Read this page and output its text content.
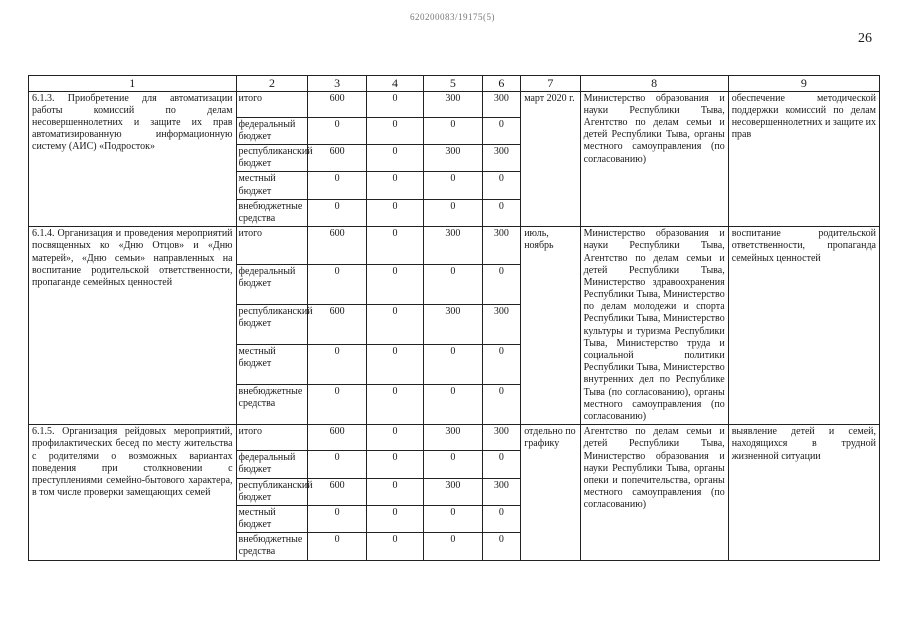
620200083/19175(5)
26
1	2	3	4	5	6	7	8	9
6.1.3. Приобретение для автоматизации работы комиссий по делам несовершеннолетних и защите их прав автоматизированную информационную систему (АИС) «Подросток»	итого	600	0	300	300	март 2020 г.	Министерство образования и науки Республики Тыва, Агентство по делам семьи и детей Республики Тыва, органы местного самоуправления (по согласованию)	обеспечение методической поддержки комиссий по делам несовершеннолетних и защите их прав
	федеральный бюджет	0	0	0	0			
	республиканский бюджет	600	0	300	300			
	местный бюджет	0	0	0	0			
	внебюджетные средства	0	0	0	0			
6.1.4. Организация и проведения мероприятий посвященных ко «Дню Отцов» и «Дню матерей», «Дню семьи» направленных на воспитание родительской ответственности, пропаганде семейных ценностей	итого	600	0	300	300	июль, ноябрь	Министерство образования и науки Республики Тыва, Агентство по делам семьи и детей Республики Тыва, Министерство здравоохранения Республики Тыва, Министерство по делам молодежи и спорта Республики Тыва, Министерство культуры и туризма Республики Тыва, Министерство труда и социальной политики Республики Тыва, Министерство внутренних дел по Республике Тыва (по согласованию), органы местного самоуправления (по согласованию)	воспитание родительской ответственности, пропаганда семейных ценностей
	федеральный бюджет	0	0	0	0			
	республиканский бюджет	600	0	300	300			
	местный бюджет	0	0	0	0			
	внебюджетные средства	0	0	0	0			
6.1.5. Организация рейдовых мероприятий, профилактических бесед по месту жительства с родителями о возможных вариантах поведения при столкновении с преступлениями семейно-бытового характера, в том числе проверки замещающих семей	итого	600	0	300	300	отдельно по графику	Агентство по делам семьи и детей Республики Тыва, Министерство образования и науки Республики Тыва, органы опеки и попечительства, органы местного самоуправления (по согласованию)	выявление детей и семей, находящихся в трудной жизненной ситуации
	федеральный бюджет	0	0	0	0			
	республиканский бюджет	600	0	300	300			
	местный бюджет	0	0	0	0			
	внебюджетные средства	0	0	0	0			
